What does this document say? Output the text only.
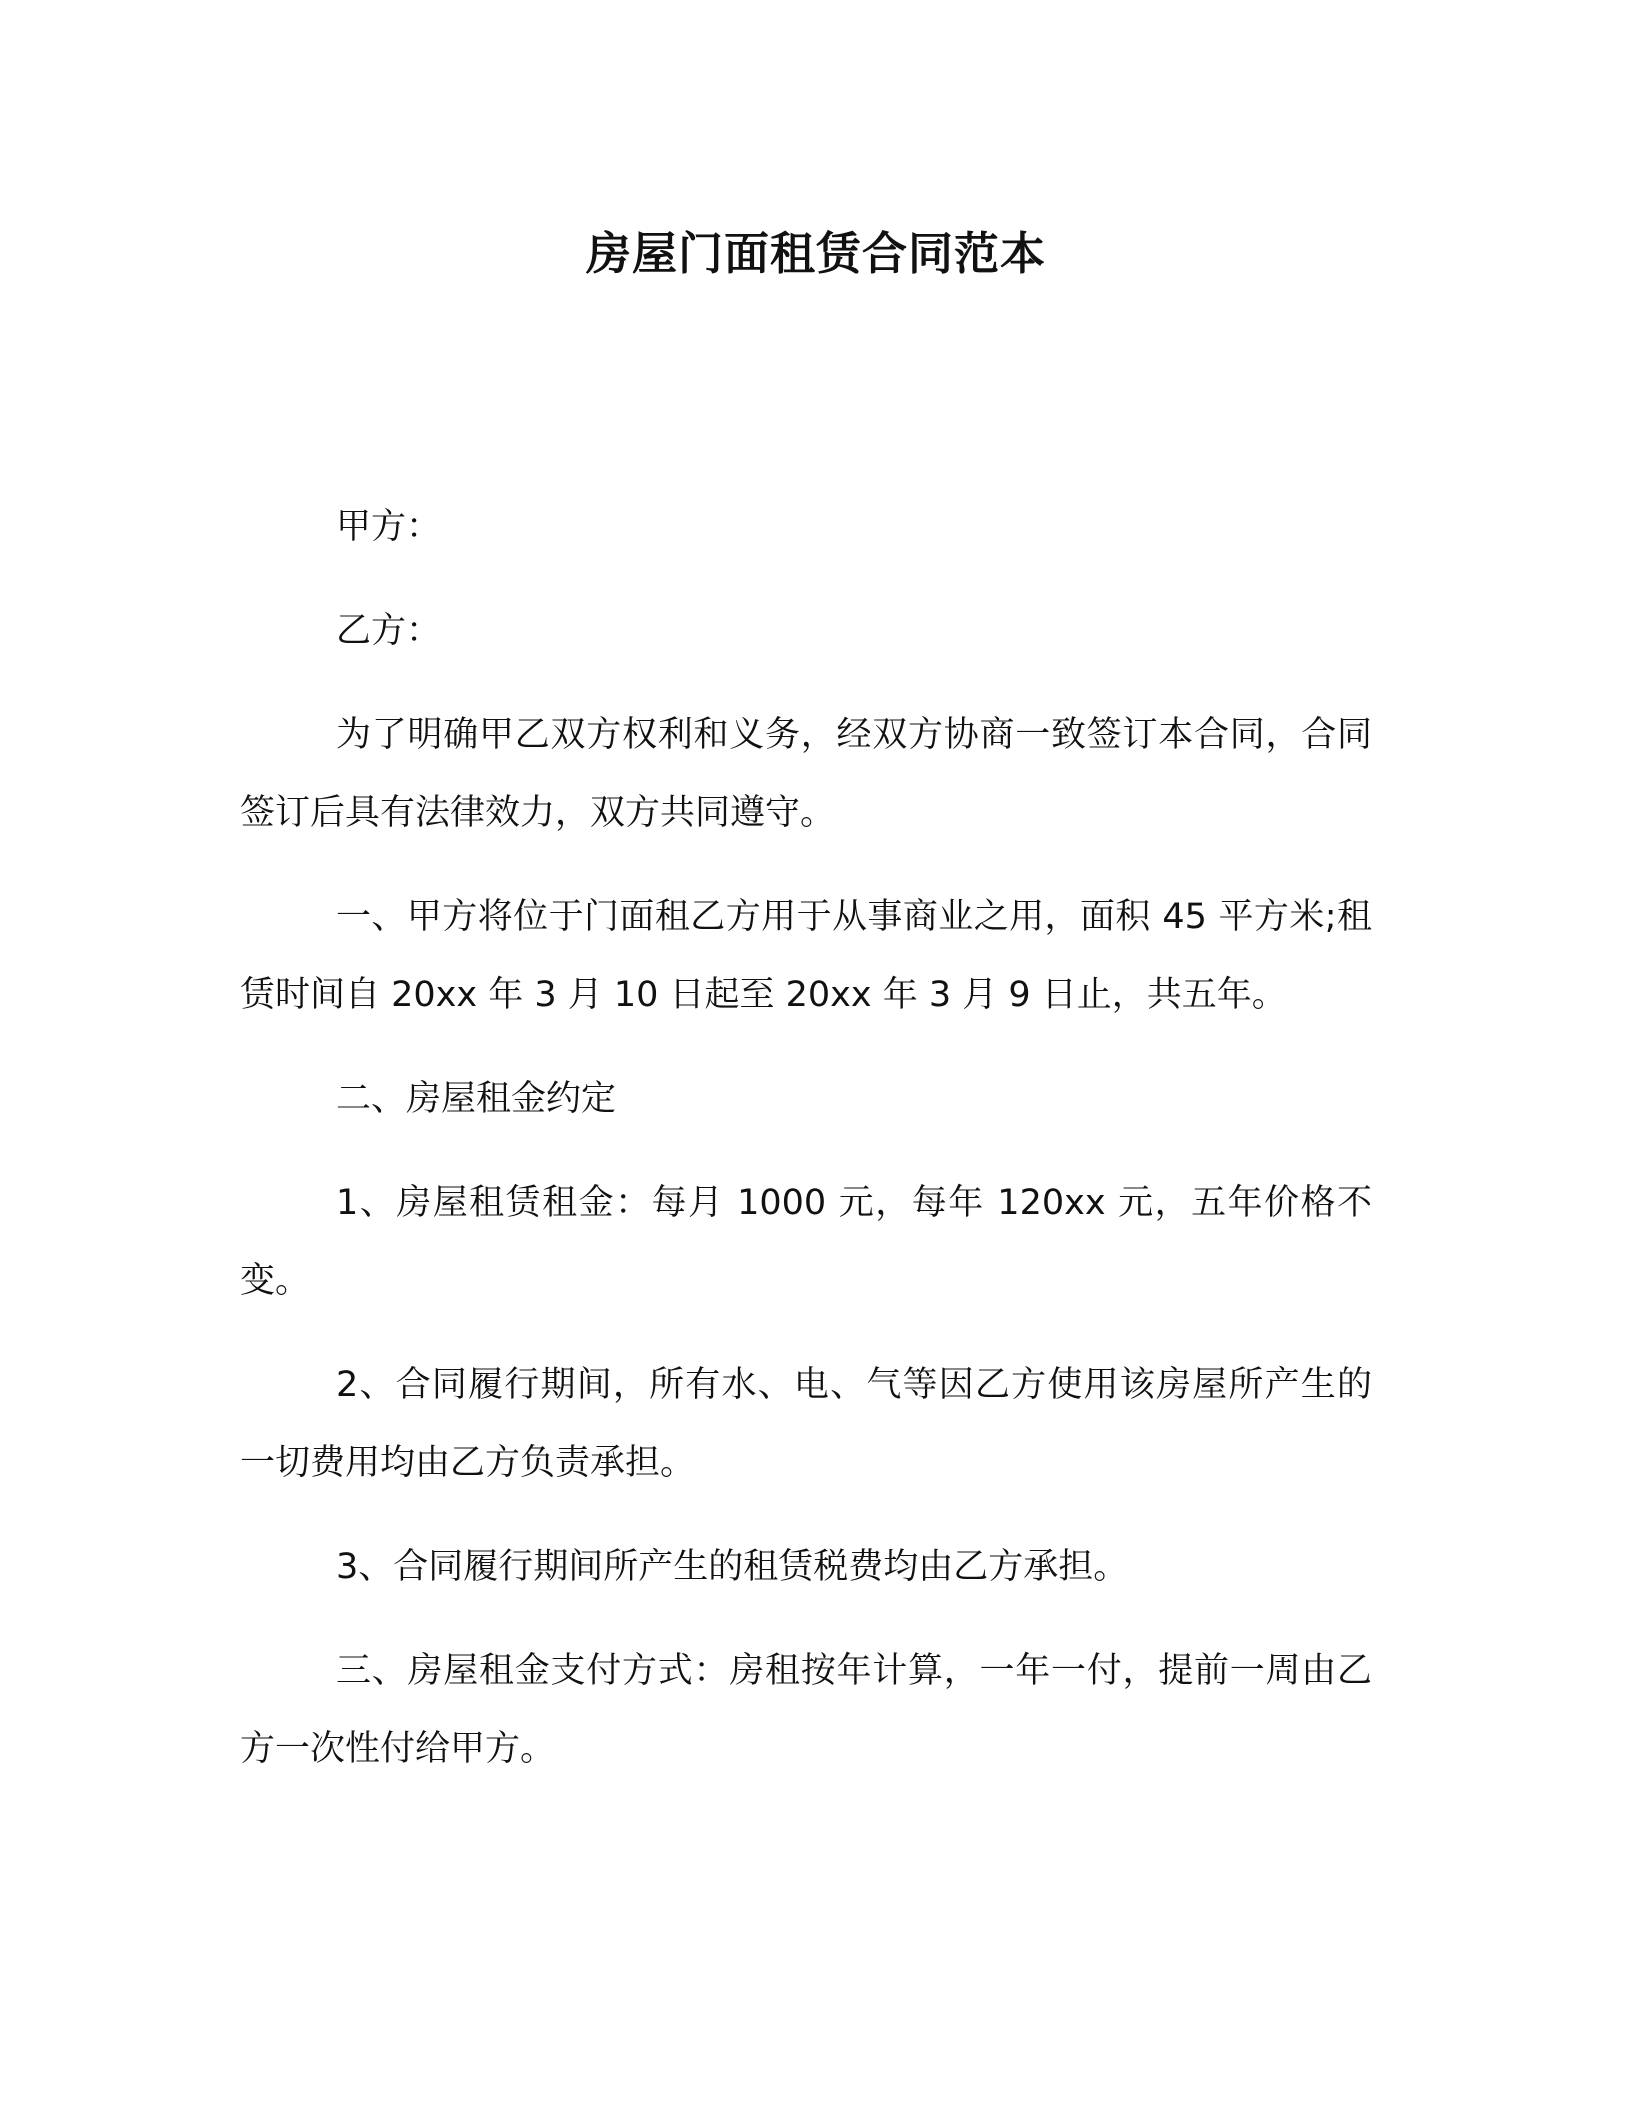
房屋门面租赁合同范本

甲方：

乙方：

为了明确甲乙双方权利和义务，经双方协商一致签订本合同，合同签订后具有法律效力，双方共同遵守。

一、甲方将位于门面租乙方用于从事商业之用，面积 45 平方米;租赁时间自 20xx 年 3 月 10 日起至 20xx 年 3 月 9 日止，共五年。

二、房屋租金约定

1、房屋租赁租金：每月 1000 元，每年 120xx 元，五年价格不变。

2、合同履行期间，所有水、电、气等因乙方使用该房屋所产生的一切费用均由乙方负责承担。

3、合同履行期间所产生的租赁税费均由乙方承担。

三、房屋租金支付方式：房租按年计算，一年一付，提前一周由乙方一次性付给甲方。
